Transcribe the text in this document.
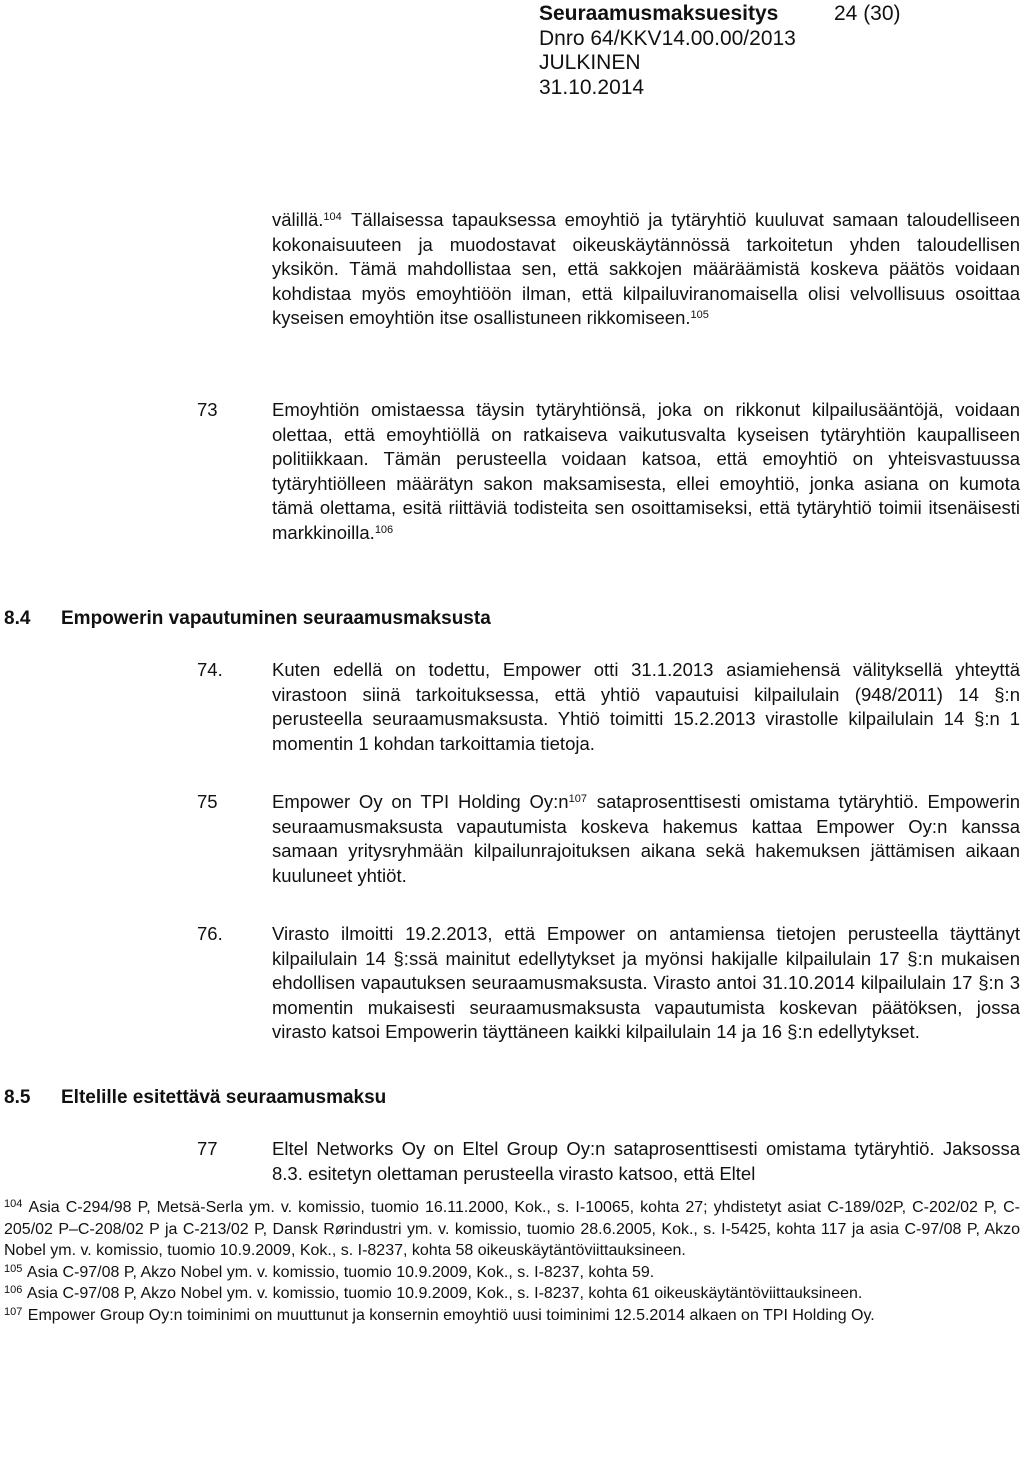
Seuraamusmaksuesitys	24 (30)
Dnro 64/KKV14.00.00/2013
JULKINEN
31.10.2014
välillä.$^{104}$ Tällaisessa tapauksessa emoyhtiö ja tytäryhtiö kuuluvat samaan taloudelliseen kokonaisuuteen ja muodostavat oikeuskäytännössä tarkoitetun yhden taloudellisen yksikön. Tämä mahdollistaa sen, että sakkojen määräämistä koskeva päätös voidaan kohdistaa myös emoyhtiöön ilman, että kilpailuviranomaisella olisi velvollisuus osoittaa kyseisen emoyhtiön itse osallistuneen rikkomiseen.$^{105}$
73	Emoyhtiön omistaessa täysin tytäryhtiönsä, joka on rikkonut kilpailusääntöjä, voidaan olettaa, että emoyhtiöllä on ratkaiseva vaikutusvalta kyseisen tytäryhtiön kaupalliseen politiikkaan. Tämän perusteella voidaan katsoa, että emoyhtiö on yhteisvastuussa tytäryhtiölleen määrätyn sakon maksamisesta, ellei emoyhtiö, jonka asiana on kumota tämä olettama, esitä riittäviä todisteita sen osoittamiseksi, että tytäryhtiö toimii itsenäisesti markkinoilla.$^{106}$
8.4 Empowerin vapautuminen seuraamusmaksusta
74.	Kuten edellä on todettu, Empower otti 31.1.2013 asiamiehensä välityksellä yhteyttä virastoon siinä tarkoituksessa, että yhtiö vapautuisi kilpailulain (948/2011) 14 §:n perusteella seuraamusmaksusta. Yhtiö toimitti 15.2.2013 virastolle kilpailulain 14 §:n 1 momentin 1 kohdan tarkoittamia tietoja.
75	Empower Oy on TPI Holding $Oy:n^{107}$ sataprosenttisesti omistama tytäryhtiö. Empowerin seuraamusmaksusta vapautumista koskeva hakemus kattaa Empower Oy:n kanssa samaan yritysryhmään kilpailunrajoituksen aikana sekä hakemuksen jättämisen aikaan kuuluneet yhtiöt.
76.	Virasto ilmoitti 19.2.2013, että Empower on antamiensa tietojen perusteella täyttänyt kilpailulain 14 §:ssä mainitut edellytykset ja myönsi hakijalle kilpailulain 17 §:n mukaisen ehdollisen vapautuksen seuraamusmaksusta. Virasto antoi 31.10.2014 kilpailulain 17 §:n 3 momentin mukaisesti seuraamusmaksusta vapautumista koskevan päätöksen, jossa virasto katsoi Empowerin täyttäneen kaikki kilpailulain 14 ja 16 §:n edellytykset.
8.5 Eltelille esitettävä seuraamusmaksu
77	Eltel Networks Oy on Eltel Group Oy:n sataprosenttisesti omistama tytäryhtiö. Jaksossa 8.3. esitetyn olettaman perusteella virasto katsoo, että Eltel
$^{104}$ Asia C-294/98 P, Metsä-Serla ym. v. komissio, tuomio 16.11.2000, Kok., s. I-10065, kohta 27; yhdistetyt asiat C-189/02P, C-202/02 P, C-205/02 P–C-208/02 P ja C-213/02 P, Dansk Rørindustri ym. v. komissio, tuomio 28.6.2005, Kok., s. I-5425, kohta 117 ja asia C-97/08 P, Akzo Nobel ym. v. komissio, tuomio 10.9.2009, Kok., s. I-8237, kohta 58 oikeuskäytäntöviittauksineen.
$^{105}$ Asia C-97/08 P, Akzo Nobel ym. v. komissio, tuomio 10.9.2009, Kok., s. I-8237, kohta 59.
$^{106}$ Asia C-97/08 P, Akzo Nobel ym. v. komissio, tuomio 10.9.2009, Kok., s. I-8237, kohta 61 oikeuskäytäntöviittauksineen.
$^{107}$ Empower Group Oy:n toiminimi on muuttunut ja konsernin emoyhtiö uusi toiminimi 12.5.2014 alkaen on TPI Holding Oy.
